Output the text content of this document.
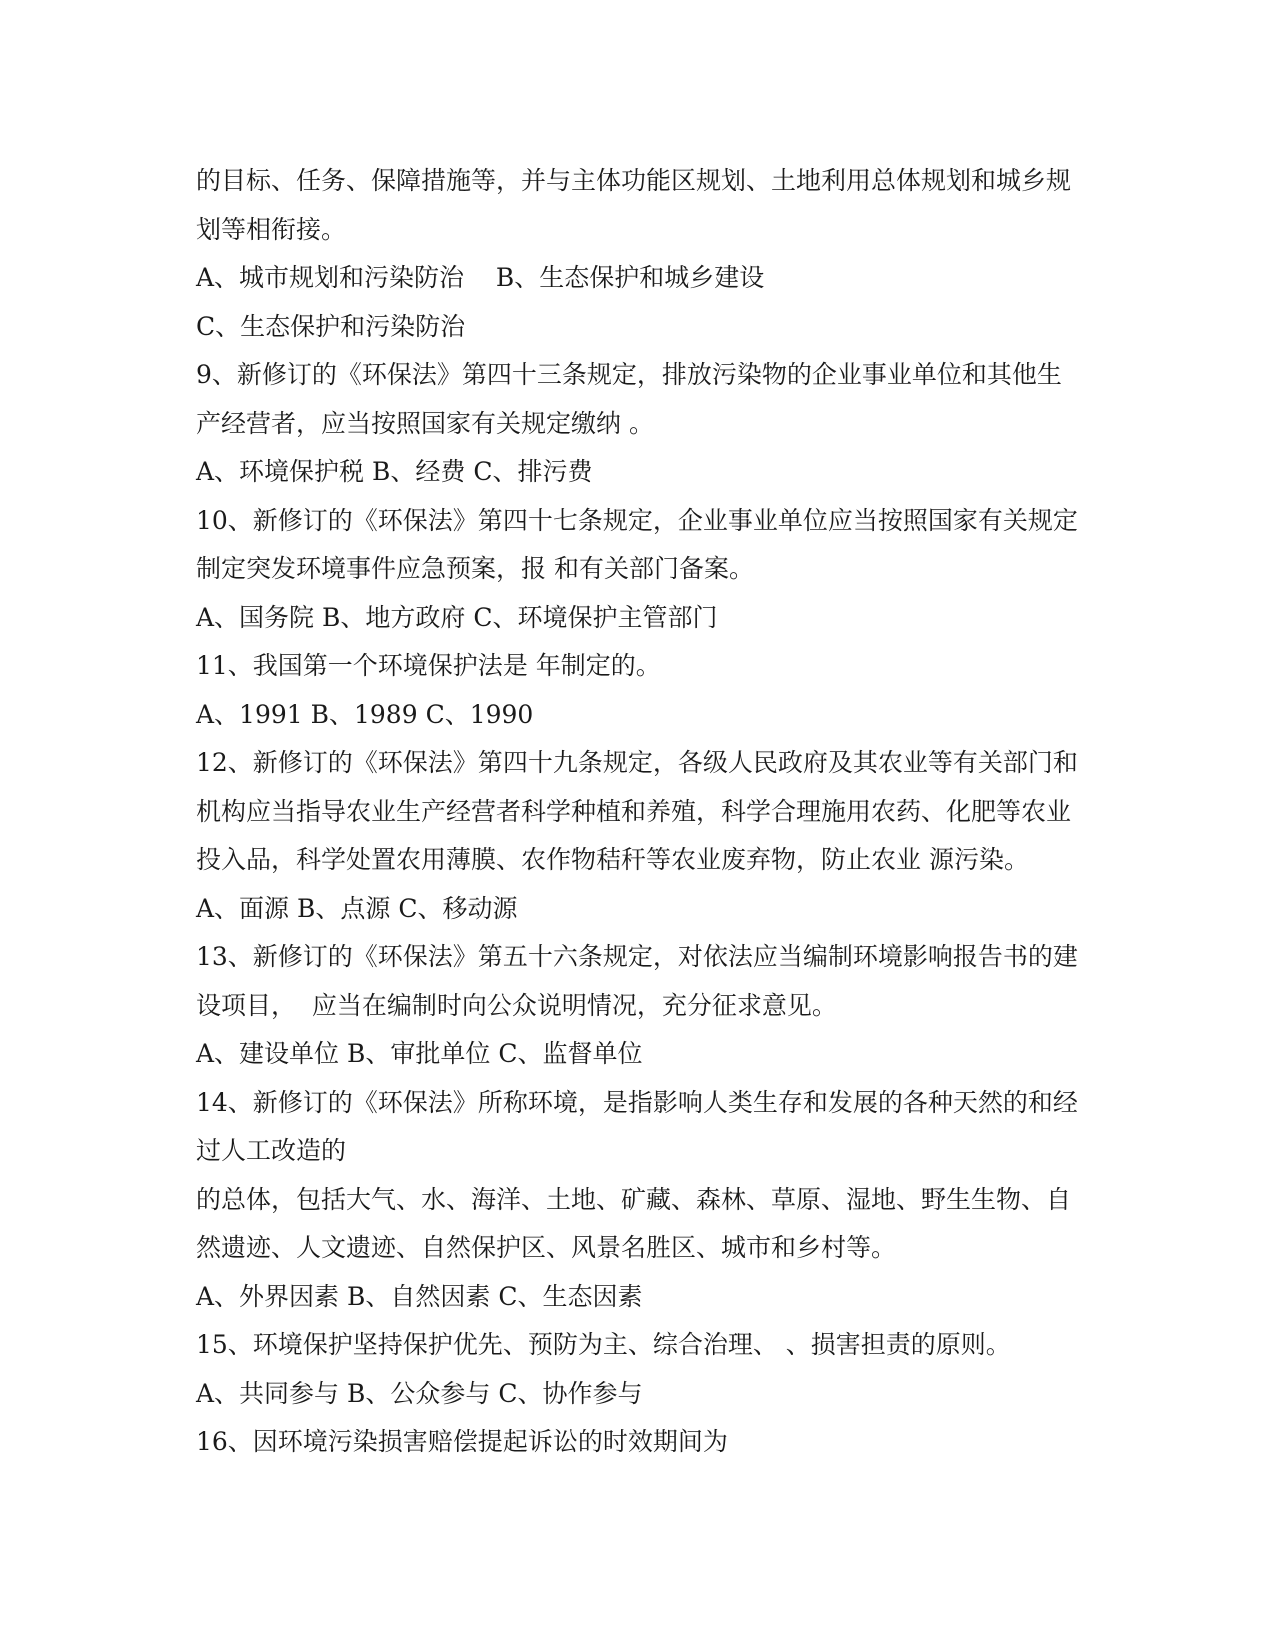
的目标、任务、保障措施等，并与主体功能区规划、土地利用总体规划和城乡规
划等相衔接。
A、城市规划和污染防治    B、生态保护和城乡建设
C、生态保护和污染防治
9、新修订的《环保法》第四十三条规定，排放污染物的企业事业单位和其他生
产经营者，应当按照国家有关规定缴纳 。
A、环境保护税 B、经费 C、排污费
10、新修订的《环保法》第四十七条规定，企业事业单位应当按照国家有关规定
制定突发环境事件应急预案，报 和有关部门备案。
A、国务院 B、地方政府 C、环境保护主管部门
11、我国第一个环境保护法是 年制定的。
A、1991 B、1989 C、1990
12、新修订的《环保法》第四十九条规定，各级人民政府及其农业等有关部门和
机构应当指导农业生产经营者科学种植和养殖，科学合理施用农药、化肥等农业
投入品，科学处置农用薄膜、农作物秸秆等农业废弃物，防止农业 源污染。
A、面源 B、点源 C、移动源
13、新修订的《环保法》第五十六条规定，对依法应当编制环境影响报告书的建
设项目，  应当在编制时向公众说明情况，充分征求意见。
A、建设单位 B、审批单位 C、监督单位
14、新修订的《环保法》所称环境，是指影响人类生存和发展的各种天然的和经
过人工改造的
的总体，包括大气、水、海洋、土地、矿藏、森林、草原、湿地、野生生物、自
然遗迹、人文遗迹、自然保护区、风景名胜区、城市和乡村等。
A、外界因素 B、自然因素 C、生态因素
15、环境保护坚持保护优先、预防为主、综合治理、 、损害担责的原则。
A、共同参与 B、公众参与 C、协作参与
16、因环境污染损害赔偿提起诉讼的时效期间为
